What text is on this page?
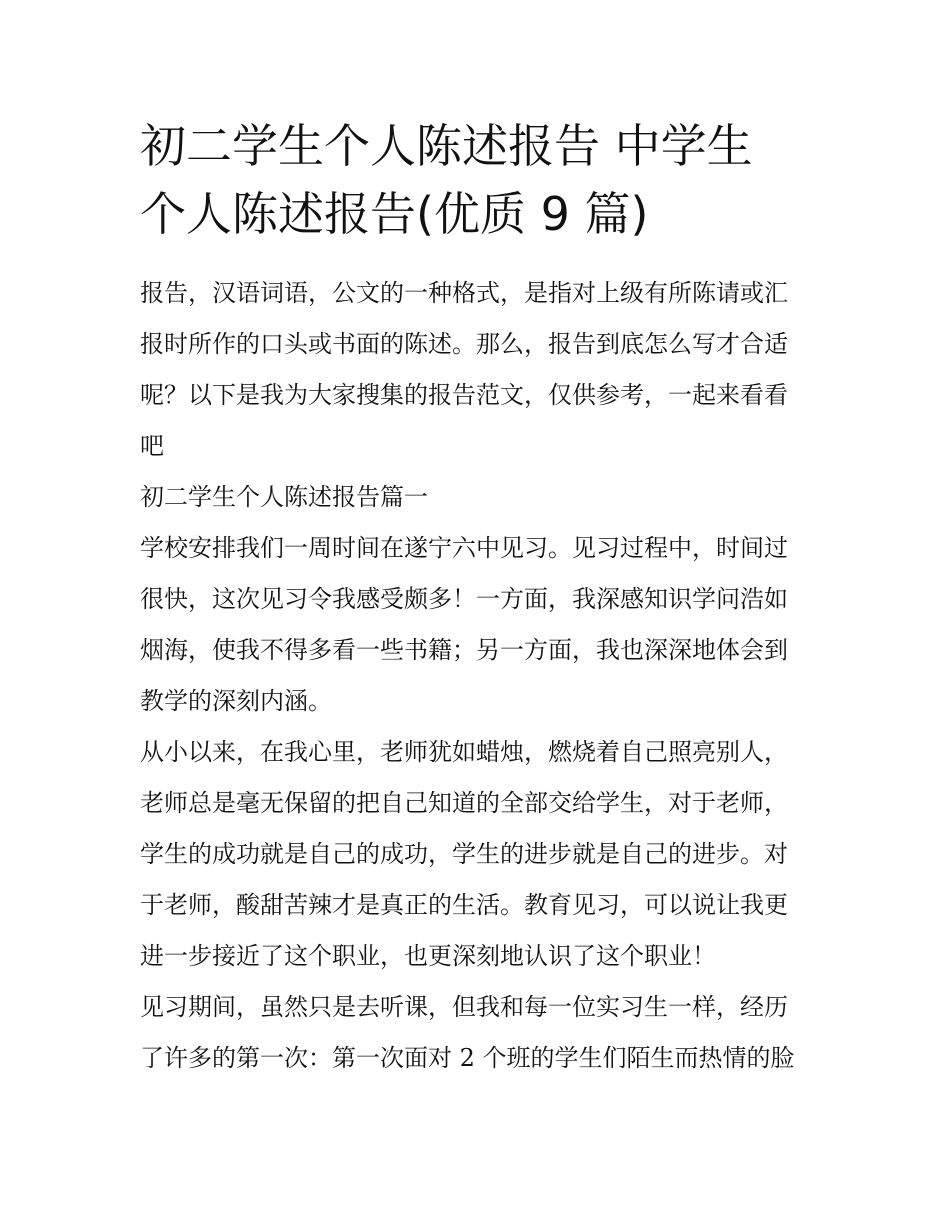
初二学生个人陈述报告 中学生
个人陈述报告(优质 9 篇)

报告，汉语词语，公文的一种格式，是指对上级有所陈请或汇
报时所作的口头或书面的陈述。那么，报告到底怎么写才合适
呢？以下是我为大家搜集的报告范文，仅供参考，一起来看看
吧

初二学生个人陈述报告篇一

学校安排我们一周时间在遂宁六中见习。见习过程中，时间过
很快，这次见习令我感受颇多！一方面，我深感知识学问浩如
烟海，使我不得多看一些书籍；另一方面，我也深深地体会到
教学的深刻内涵。

从小以来，在我心里，老师犹如蜡烛，燃烧着自己照亮别人，
老师总是毫无保留的把自己知道的全部交给学生，对于老师，
学生的成功就是自己的成功，学生的进步就是自己的进步。对
于老师，酸甜苦辣才是真正的生活。教育见习，可以说让我更
进一步接近了这个职业，也更深刻地认识了这个职业！

见习期间，虽然只是去听课，但我和每一位实习生一样，经历
了许多的第一次：第一次面对 2 个班的学生们陌生而热情的脸
